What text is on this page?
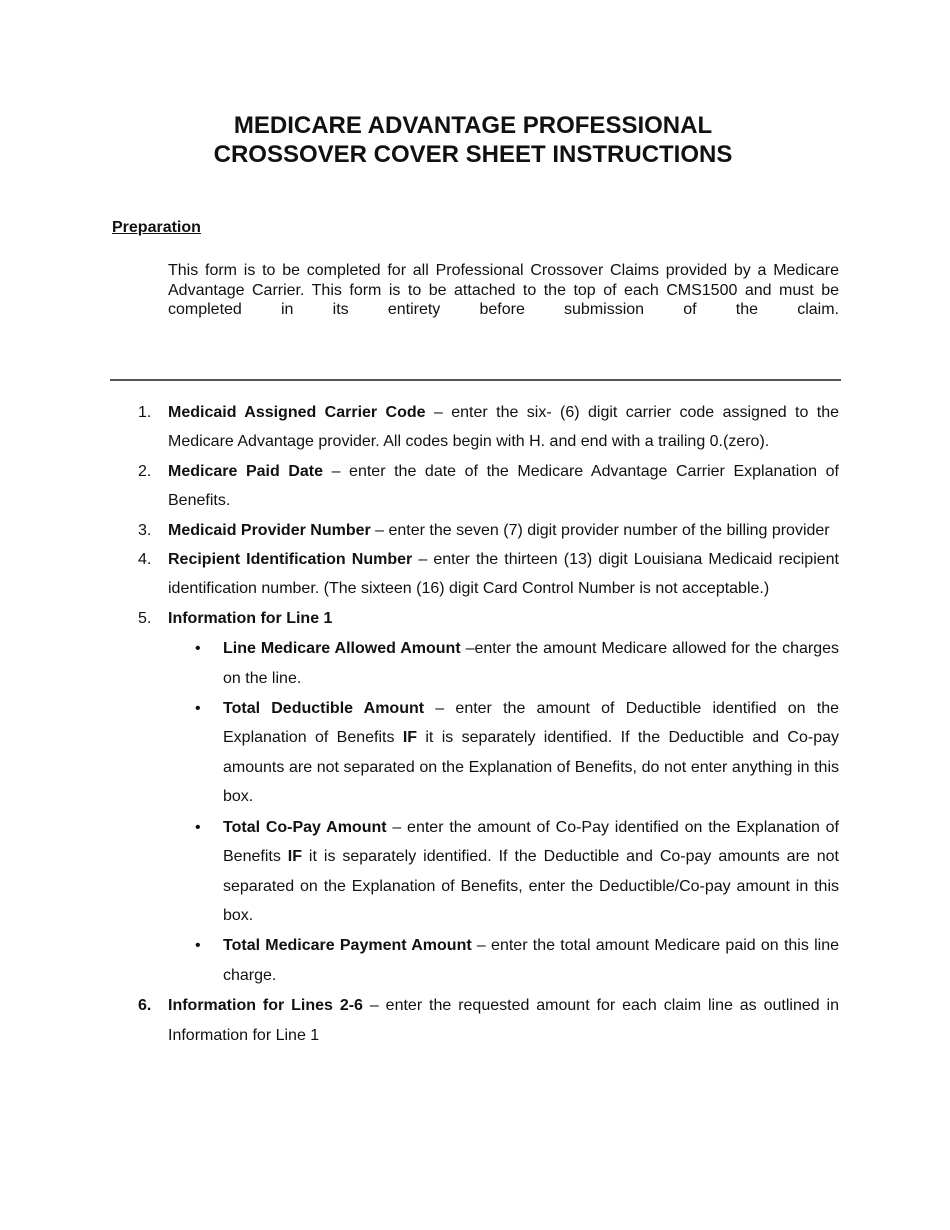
MEDICARE ADVANTAGE PROFESSIONAL
CROSSOVER COVER SHEET INSTRUCTIONS
Preparation
This form is to be completed for all Professional Crossover Claims provided by a Medicare Advantage Carrier. This form is to be attached to the top of each CMS1500 and must be completed in its entirety before submission of the claim.
1.	Medicaid Assigned Carrier Code – enter the six- (6) digit carrier code assigned to the Medicare Advantage provider. All codes begin with H. and end with a trailing 0.(zero).
2.	Medicare Paid Date – enter the date of the Medicare Advantage Carrier Explanation of Benefits.
3.	Medicaid Provider Number – enter the seven (7) digit provider number of the billing provider
4.	Recipient Identification Number – enter the thirteen (13) digit Louisiana Medicaid recipient identification number. (The sixteen (16) digit Card Control Number is not acceptable.)
5.	Information for Line 1
•	Line Medicare Allowed Amount –enter the amount Medicare allowed for the charges on the line.
•	Total Deductible Amount – enter the amount of Deductible identified on the Explanation of Benefits IF it is separately identified. If the Deductible and Co-pay amounts are not separated on the Explanation of Benefits, do not enter anything in this box.
•	Total Co-Pay Amount – enter the amount of Co-Pay identified on the Explanation of Benefits IF it is separately identified. If the Deductible and Co-pay amounts are not separated on the Explanation of Benefits, enter the Deductible/Co-pay amount in this box.
•	Total Medicare Payment Amount – enter the total amount Medicare paid on this line charge.
6.	Information for Lines 2-6 – enter the requested amount for each claim line as outlined in Information for Line 1
